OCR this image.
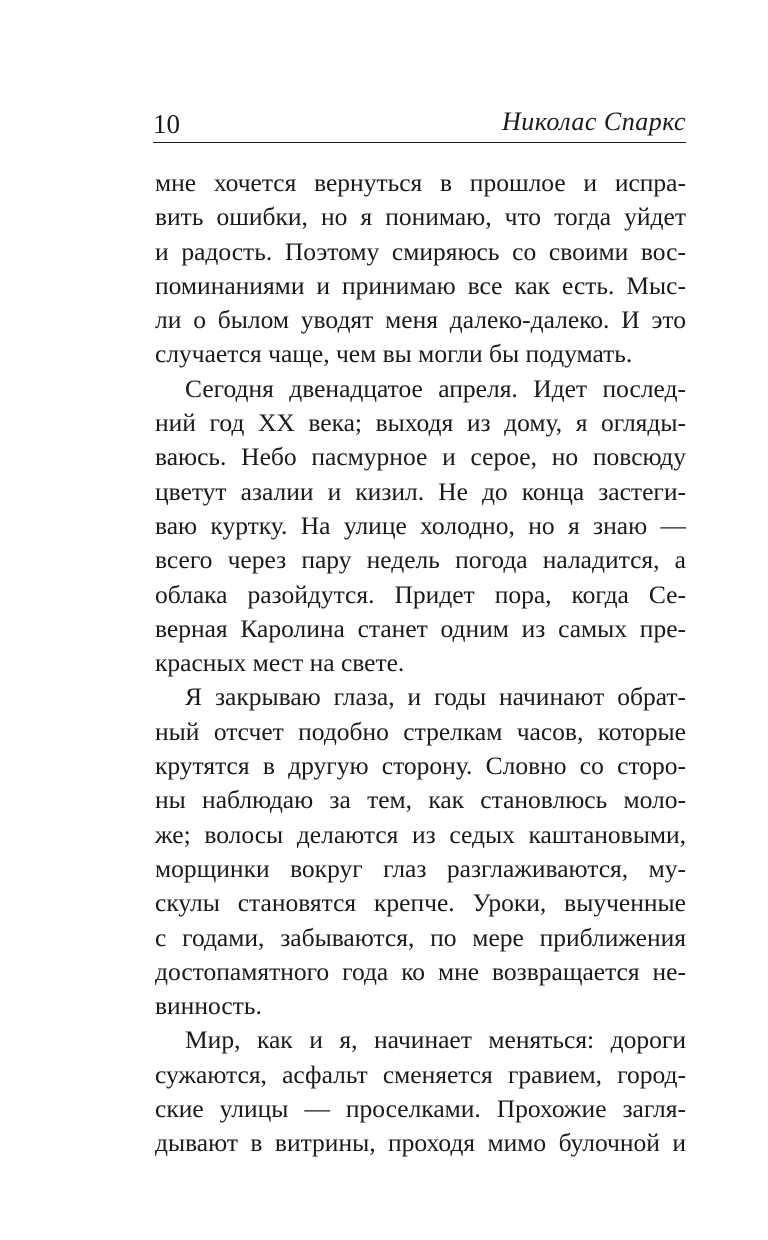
10	Николас Спаркс
мне хочется вернуться в прошлое и испра-
вить ошибки, но я понимаю, что тогда уйдет
и радость. Поэтому смиряюсь со своими вос-
поминаниями и принимаю все как есть. Мыс-
ли о былом уводят меня далеко-далеко. И это
случается чаще, чем вы могли бы подумать.
Сегодня двенадцатое апреля. Идет послед-
ний год XX века; выходя из дому, я огляды-
ваюсь. Небо пасмурное и серое, но повсюду
цветут азалии и кизил. Не до конца застеги-
ваю куртку. На улице холодно, но я знаю —
всего через пару недель погода наладится, а
облака разойдутся. Придет пора, когда Се-
верная Каролина станет одним из самых пре-
красных мест на свете.
Я закрываю глаза, и годы начинают обрат-
ный отсчет подобно стрелкам часов, которые
крутятся в другую сторону. Словно со сторо-
ны наблюдаю за тем, как становлюсь моло-
же; волосы делаются из седых каштановыми,
морщинки вокруг глаз разглаживаются, му-
скулы становятся крепче. Уроки, выученные
с годами, забываются, по мере приближения
достопамятного года ко мне возвращается не-
винность.
Мир, как и я, начинает меняться: дороги
сужаются, асфальт сменяется гравием, город-
ские улицы — проселками. Прохожие загля-
дывают в витрины, проходя мимо булочной и
